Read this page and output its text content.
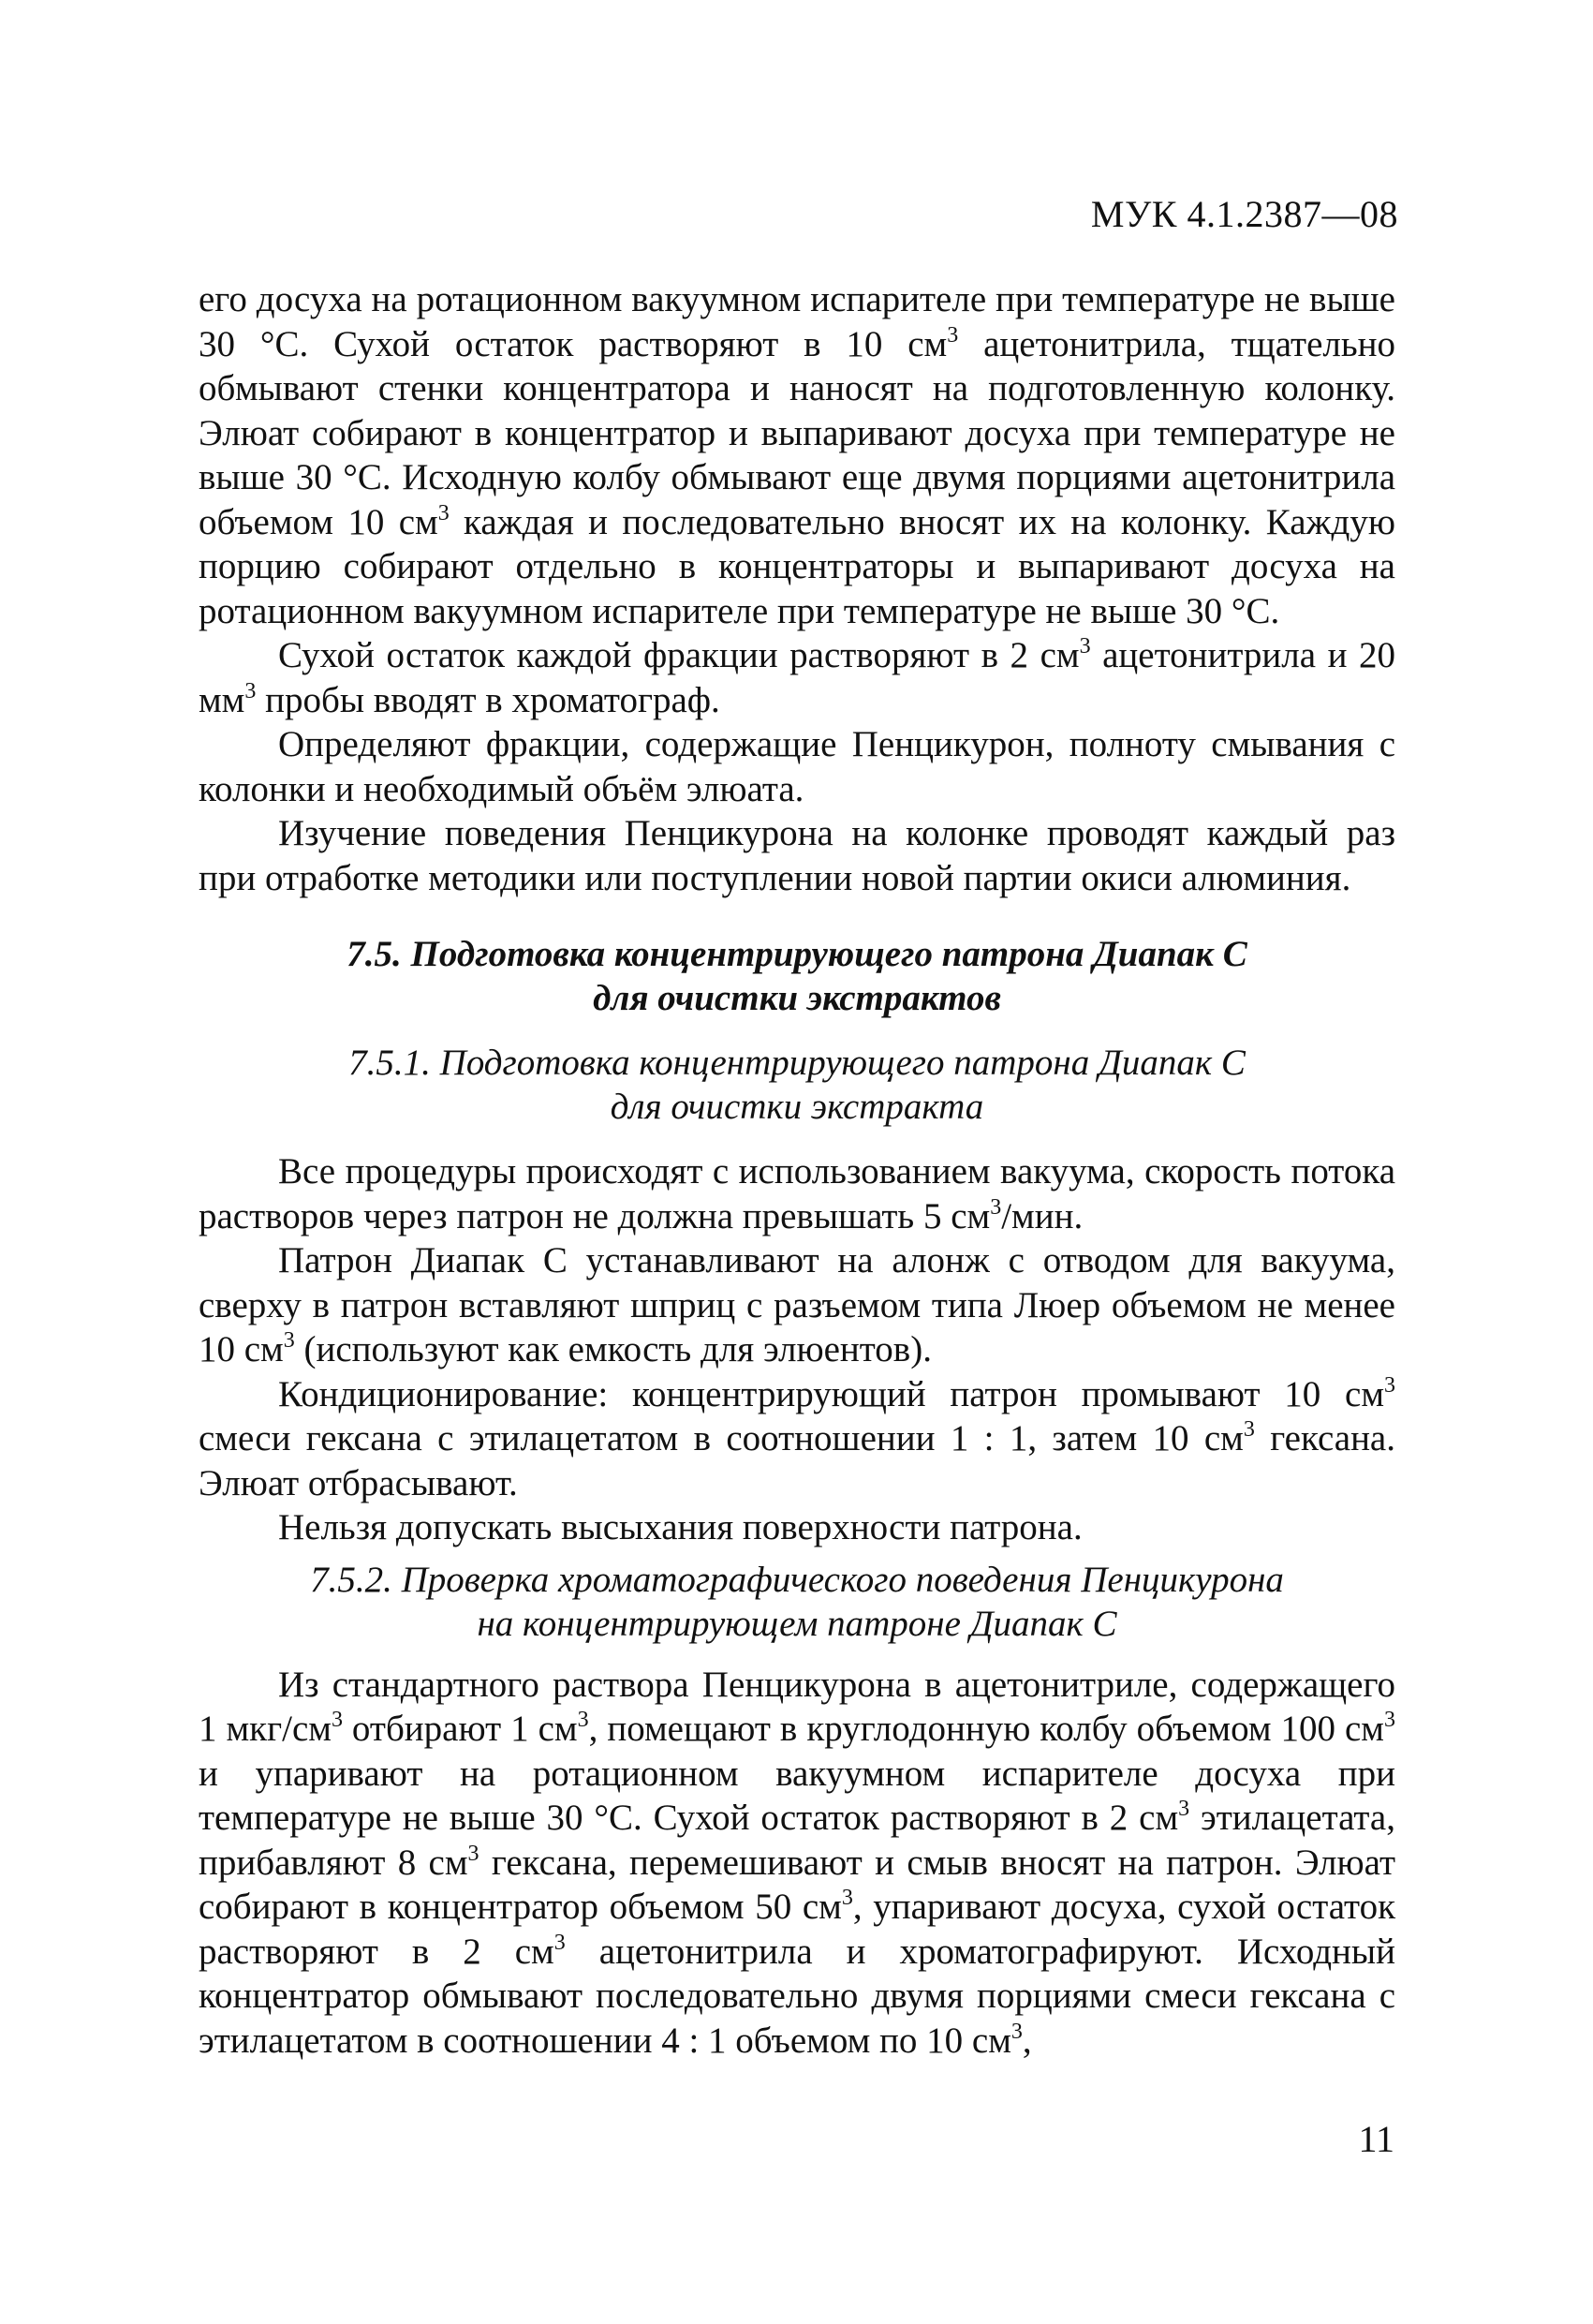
МУК 4.1.2387—08

его досуха на ротационном вакуумном испарителе при температуре не выше 30 °С. Сухой остаток растворяют в 10 $см^3$ ацетонитрила, тщательно обмывают стенки концентратора и наносят на подготовленную колонку. Элюат собирают в концентратор и выпаривают досуха при температуре не выше 30 °С. Исходную колбу обмывают еще двумя порциями ацетонитрила объемом 10 $см^3$ каждая и последовательно вносят их на колонку. Каждую порцию собирают отдельно в концентраторы и выпаривают досуха на ротационном вакуумном испарителе при температуре не выше 30 °С.

Сухой остаток каждой фракции растворяют в 2 $см^3$ ацетонитрила и 20 $мм^3$ пробы вводят в хроматограф.

Определяют фракции, содержащие Пенцикурон, полноту смывания с колонки и необходимый объём элюата.

Изучение поведения Пенцикурона на колонке проводят каждый раз при отработке методики или поступлении новой партии окиси алюминия.

7.5. Подготовка концентрирующего патрона Диапак С
для очистки экстрактов
7.5.1. Подготовка концентрирующего патрона Диапак С
для очистки экстракта

Все процедуры происходят с использованием вакуума, скорость потока растворов через патрон не должна превышать 5 $см^3$/мин.

Патрон Диапак С устанавливают на алонж с отводом для вакуума, сверху в патрон вставляют шприц с разъемом типа Люер объемом не менее 10 $см^3$ (используют как емкость для элюентов).

Кондиционирование: концентрирующий патрон промывают 10 $см^3$ смеси гексана с этилацетатом в соотношении 1 : 1, затем 10 $см^3$ гексана. Элюат отбрасывают.

Нельзя допускать высыхания поверхности патрона.

7.5.2. Проверка хроматографического поведения Пенцикурона
на концентрирующем патроне Диапак С

Из стандартного раствора Пенцикурона в ацетонитриле, содержащего 1 мкг/$см^3$ отбирают 1 $см^3$, помещают в круглодонную колбу объемом 100 $см^3$ и упаривают на ротационном вакуумном испарителе досуха при температуре не выше 30 °С. Сухой остаток растворяют в 2 $см^3$ этилацетата, прибавляют 8 $см^3$ гексана, перемешивают и смыв вносят на патрон. Элюат собирают в концентратор объемом 50 $см^3$, упаривают досуха, сухой остаток растворяют в 2 $см^3$ ацетонитрила и хроматографируют. Исходный концентратор обмывают последовательно двумя порциями смеси гексана с этилацетатом в соотношении 4 : 1 объемом по 10 $см^3$,

11
